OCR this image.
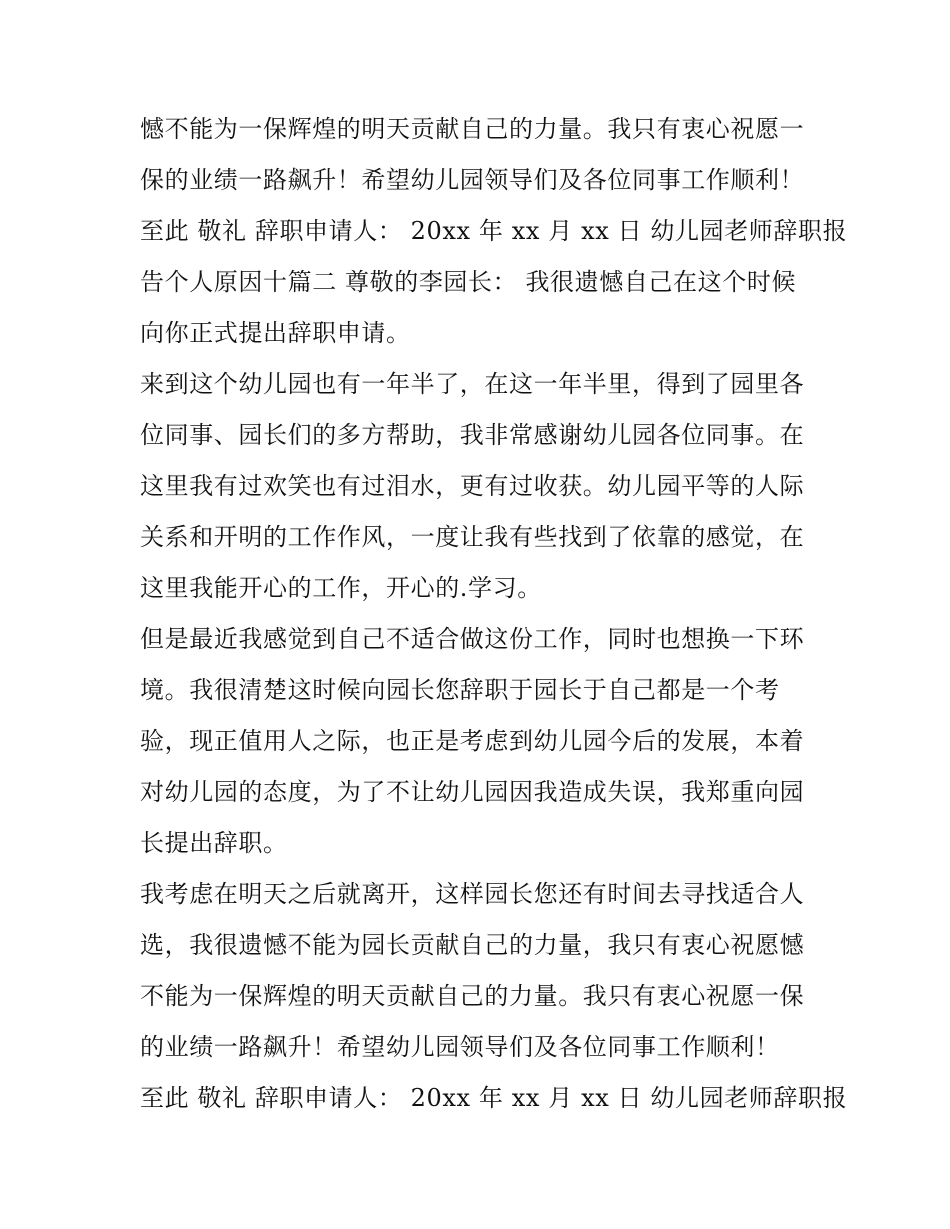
憾不能为一保辉煌的明天贡献自己的力量。我只有衷心祝愿一
保的业绩一路飙升！希望幼儿园领导们及各位同事工作顺利！
至此 敬礼 辞职申请人： 20xx 年 xx 月 xx 日 幼儿园老师辞职报
告个人原因十篇二 尊敬的李园长： 我很遗憾自己在这个时候
向你正式提出辞职申请。
来到这个幼儿园也有一年半了，在这一年半里，得到了园里各
位同事、园长们的多方帮助，我非常感谢幼儿园各位同事。在
这里我有过欢笑也有过泪水，更有过收获。幼儿园平等的人际
关系和开明的工作作风，一度让我有些找到了依靠的感觉，在
这里我能开心的工作，开心的.学习。
但是最近我感觉到自己不适合做这份工作，同时也想换一下环
境。我很清楚这时候向园长您辞职于园长于自己都是一个考
验，现正值用人之际，也正是考虑到幼儿园今后的发展，本着
对幼儿园的态度，为了不让幼儿园因我造成失误，我郑重向园
长提出辞职。
我考虑在明天之后就离开，这样园长您还有时间去寻找适合人
选，我很遗憾不能为园长贡献自己的力量，我只有衷心祝愿憾
不能为一保辉煌的明天贡献自己的力量。我只有衷心祝愿一保
的业绩一路飙升！希望幼儿园领导们及各位同事工作顺利！
至此 敬礼 辞职申请人： 20xx 年 xx 月 xx 日 幼儿园老师辞职报
